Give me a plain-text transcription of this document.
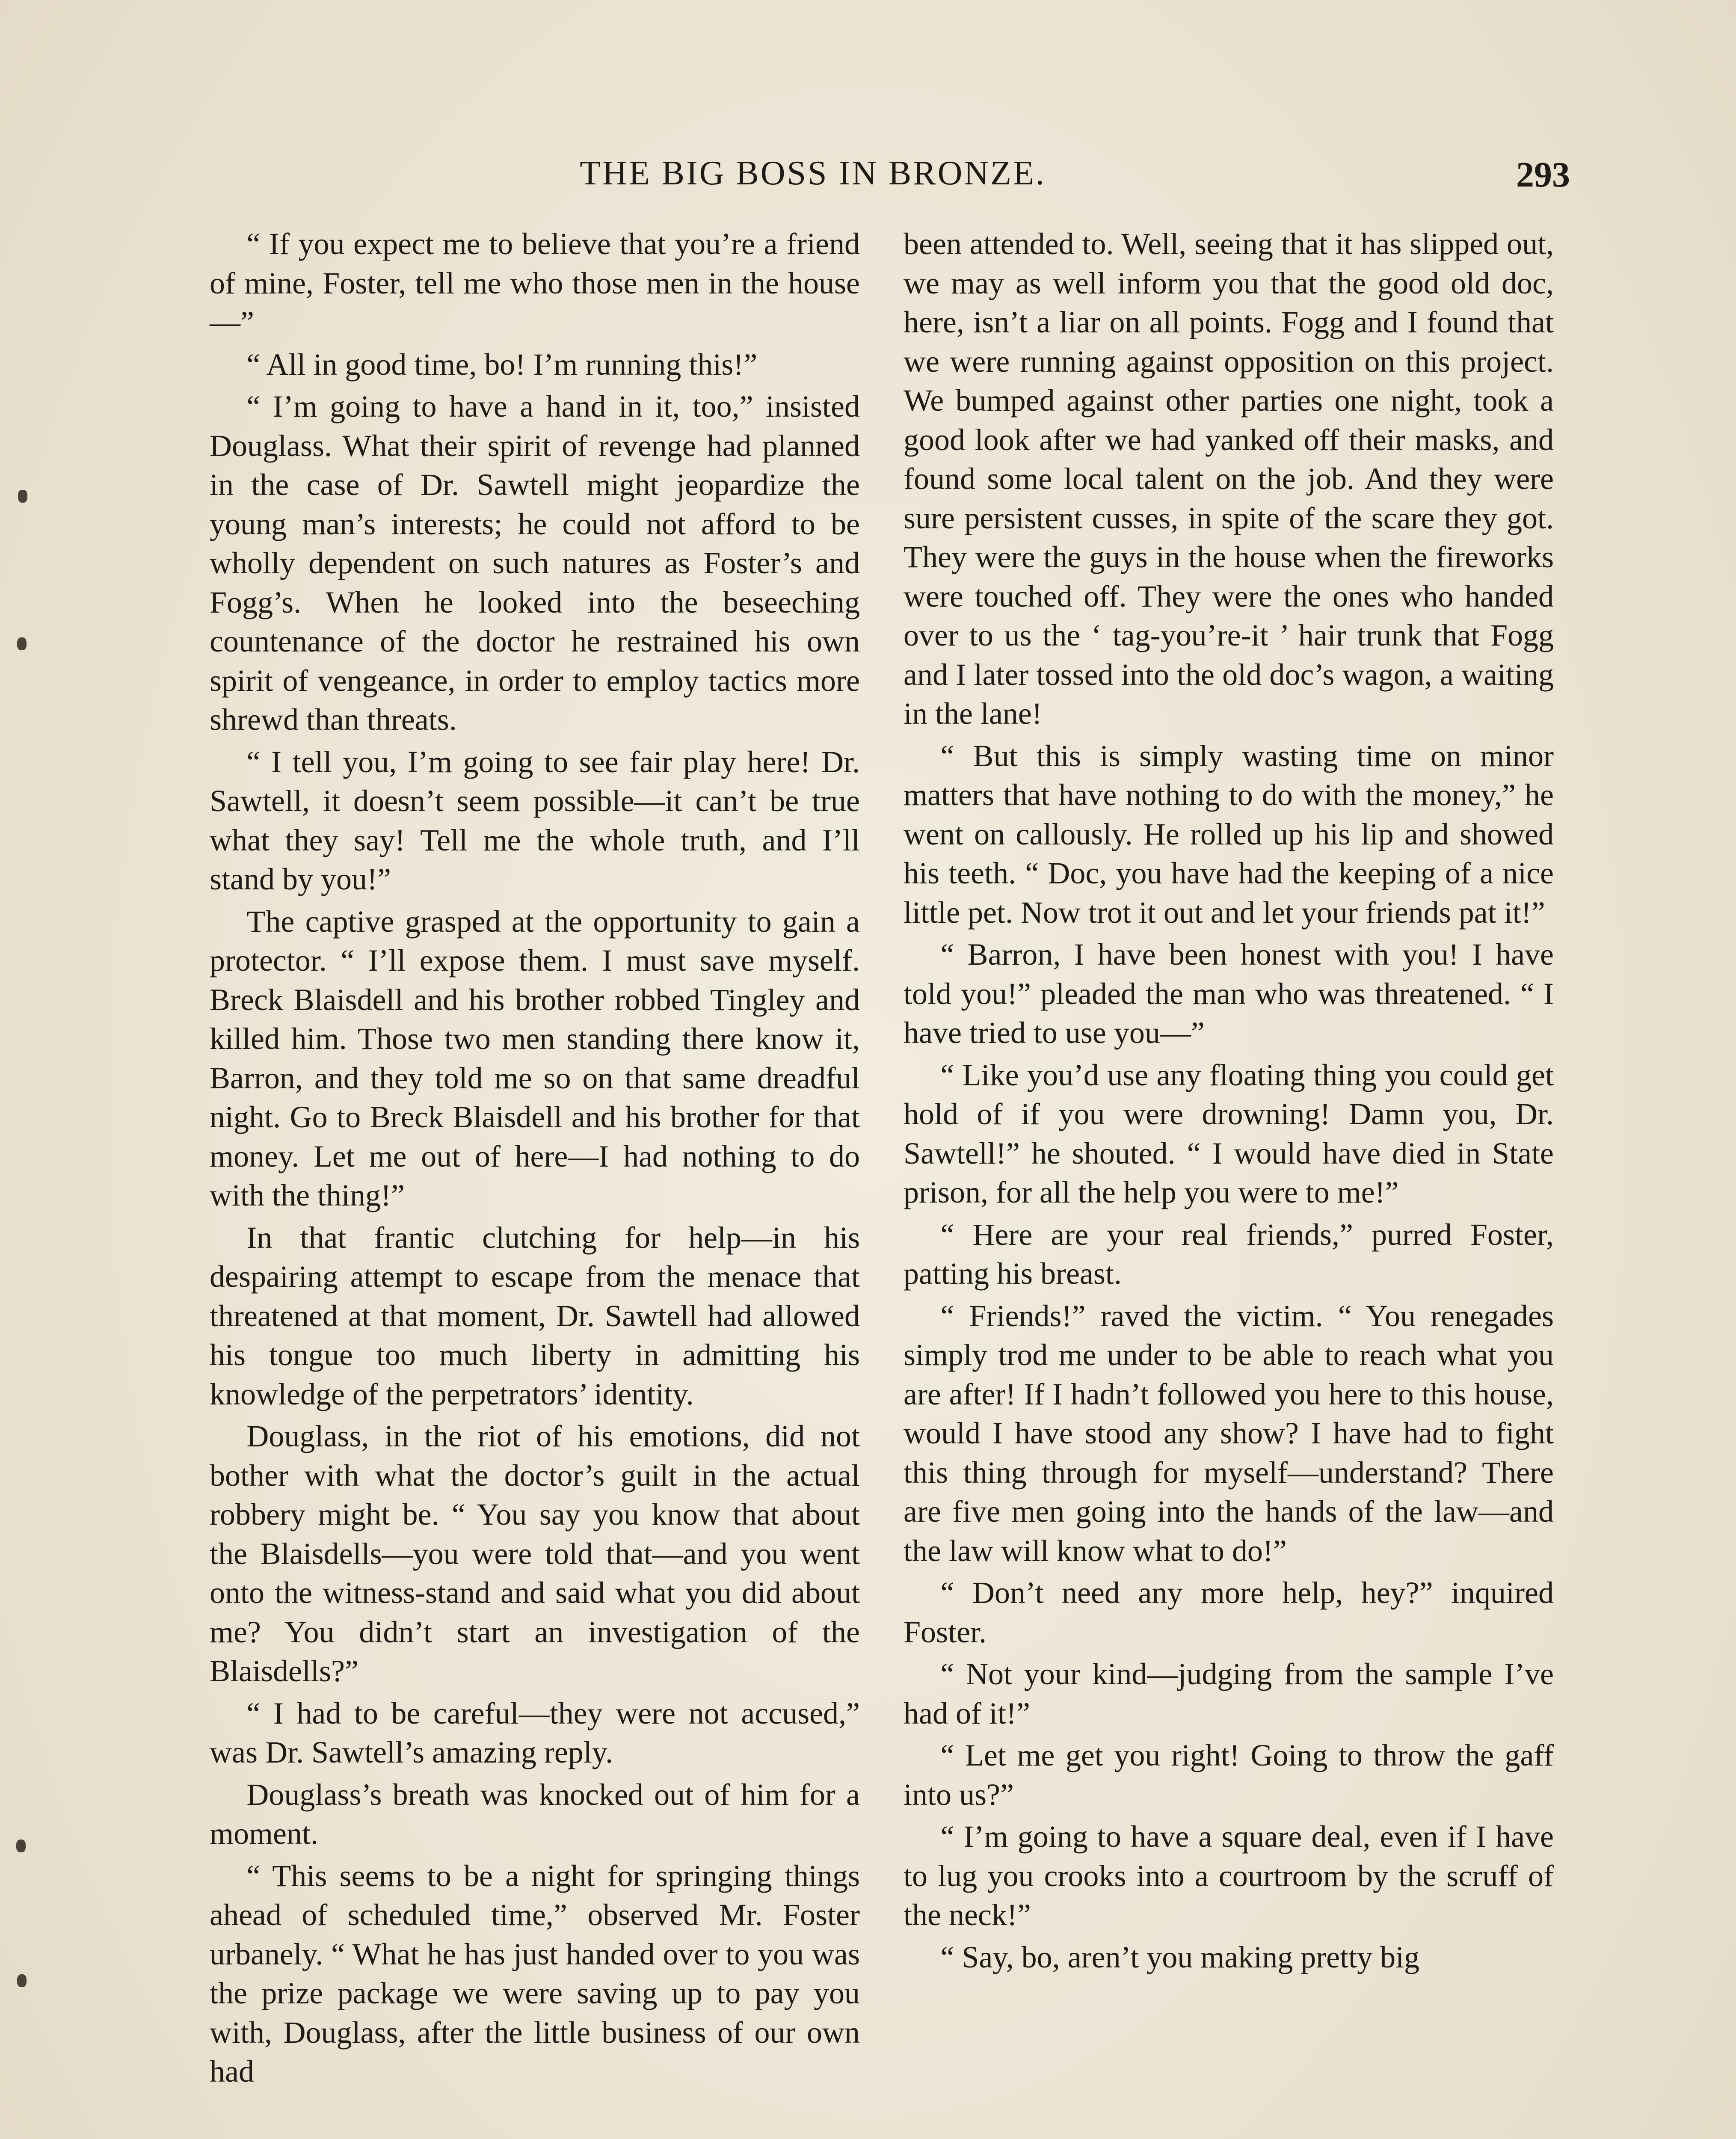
THE BIG BOSS IN BRONZE.	293

“ If you expect me to believe that you’re a friend of mine, Foster, tell me who those men in the house—”

“ All in good time, bo! I’m running this!”

“ I’m going to have a hand in it, too,” insisted Douglass. What their spirit of revenge had planned in the case of Dr. Sawtell might jeopardize the young man’s interests; he could not afford to be wholly dependent on such natures as Foster’s and Fogg’s. When he looked into the beseeching countenance of the doctor he restrained his own spirit of vengeance, in order to employ tactics more shrewd than threats.

“ I tell you, I’m going to see fair play here! Dr. Sawtell, it doesn’t seem possible—it can’t be true what they say! Tell me the whole truth, and I’ll stand by you!”

The captive grasped at the opportunity to gain a protector. “ I’ll expose them. I must save myself. Breck Blaisdell and his brother robbed Tingley and killed him. Those two men standing there know it, Barron, and they told me so on that same dreadful night. Go to Breck Blaisdell and his brother for that money. Let me out of here—I had nothing to do with the thing!”

In that frantic clutching for help—in his despairing attempt to escape from the menace that threatened at that moment, Dr. Sawtell had allowed his tongue too much liberty in admitting his knowledge of the perpetrators’ identity.

Douglass, in the riot of his emotions, did not bother with what the doctor’s guilt in the actual robbery might be. “ You say you know that about the Blaisdells—you were told that—and you went onto the witness-stand and said what you did about me? You didn’t start an investigation of the Blaisdells?”

“ I had to be careful—they were not accused,” was Dr. Sawtell’s amazing reply.

Douglass’s breath was knocked out of him for a moment.

“ This seems to be a night for springing things ahead of scheduled time,” observed Mr. Foster urbanely. “ What he has just handed over to you was the prize package we were saving up to pay you with, Douglass, after the little business of our own had

been attended to. Well, seeing that it has slipped out, we may as well inform you that the good old doc, here, isn’t a liar on all points. Fogg and I found that we were running against opposition on this project. We bumped against other parties one night, took a good look after we had yanked off their masks, and found some local talent on the job. And they were sure persistent cusses, in spite of the scare they got. They were the guys in the house when the fireworks were touched off. They were the ones who handed over to us the ‘ tag-you’re-it ’ hair trunk that Fogg and I later tossed into the old doc’s wagon, a waiting in the lane!

“ But this is simply wasting time on minor matters that have nothing to do with the money,” he went on callously. He rolled up his lip and showed his teeth. “ Doc, you have had the keeping of a nice little pet. Now trot it out and let your friends pat it!”

“ Barron, I have been honest with you! I have told you!” pleaded the man who was threatened. “ I have tried to use you—”

“ Like you’d use any floating thing you could get hold of if you were drowning! Damn you, Dr. Sawtell!” he shouted. “ I would have died in State prison, for all the help you were to me!”

“ Here are your real friends,” purred Foster, patting his breast.

“ Friends!” raved the victim. “ You renegades simply trod me under to be able to reach what you are after! If I hadn’t followed you here to this house, would I have stood any show? I have had to fight this thing through for myself—understand? There are five men going into the hands of the law—and the law will know what to do!”

“ Don’t need any more help, hey?” inquired Foster.

“ Not your kind—judging from the sample I’ve had of it!”

“ Let me get you right! Going to throw the gaff into us?”

“ I’m going to have a square deal, even if I have to lug you crooks into a courtroom by the scruff of the neck!”

“ Say, bo, aren’t you making pretty big
